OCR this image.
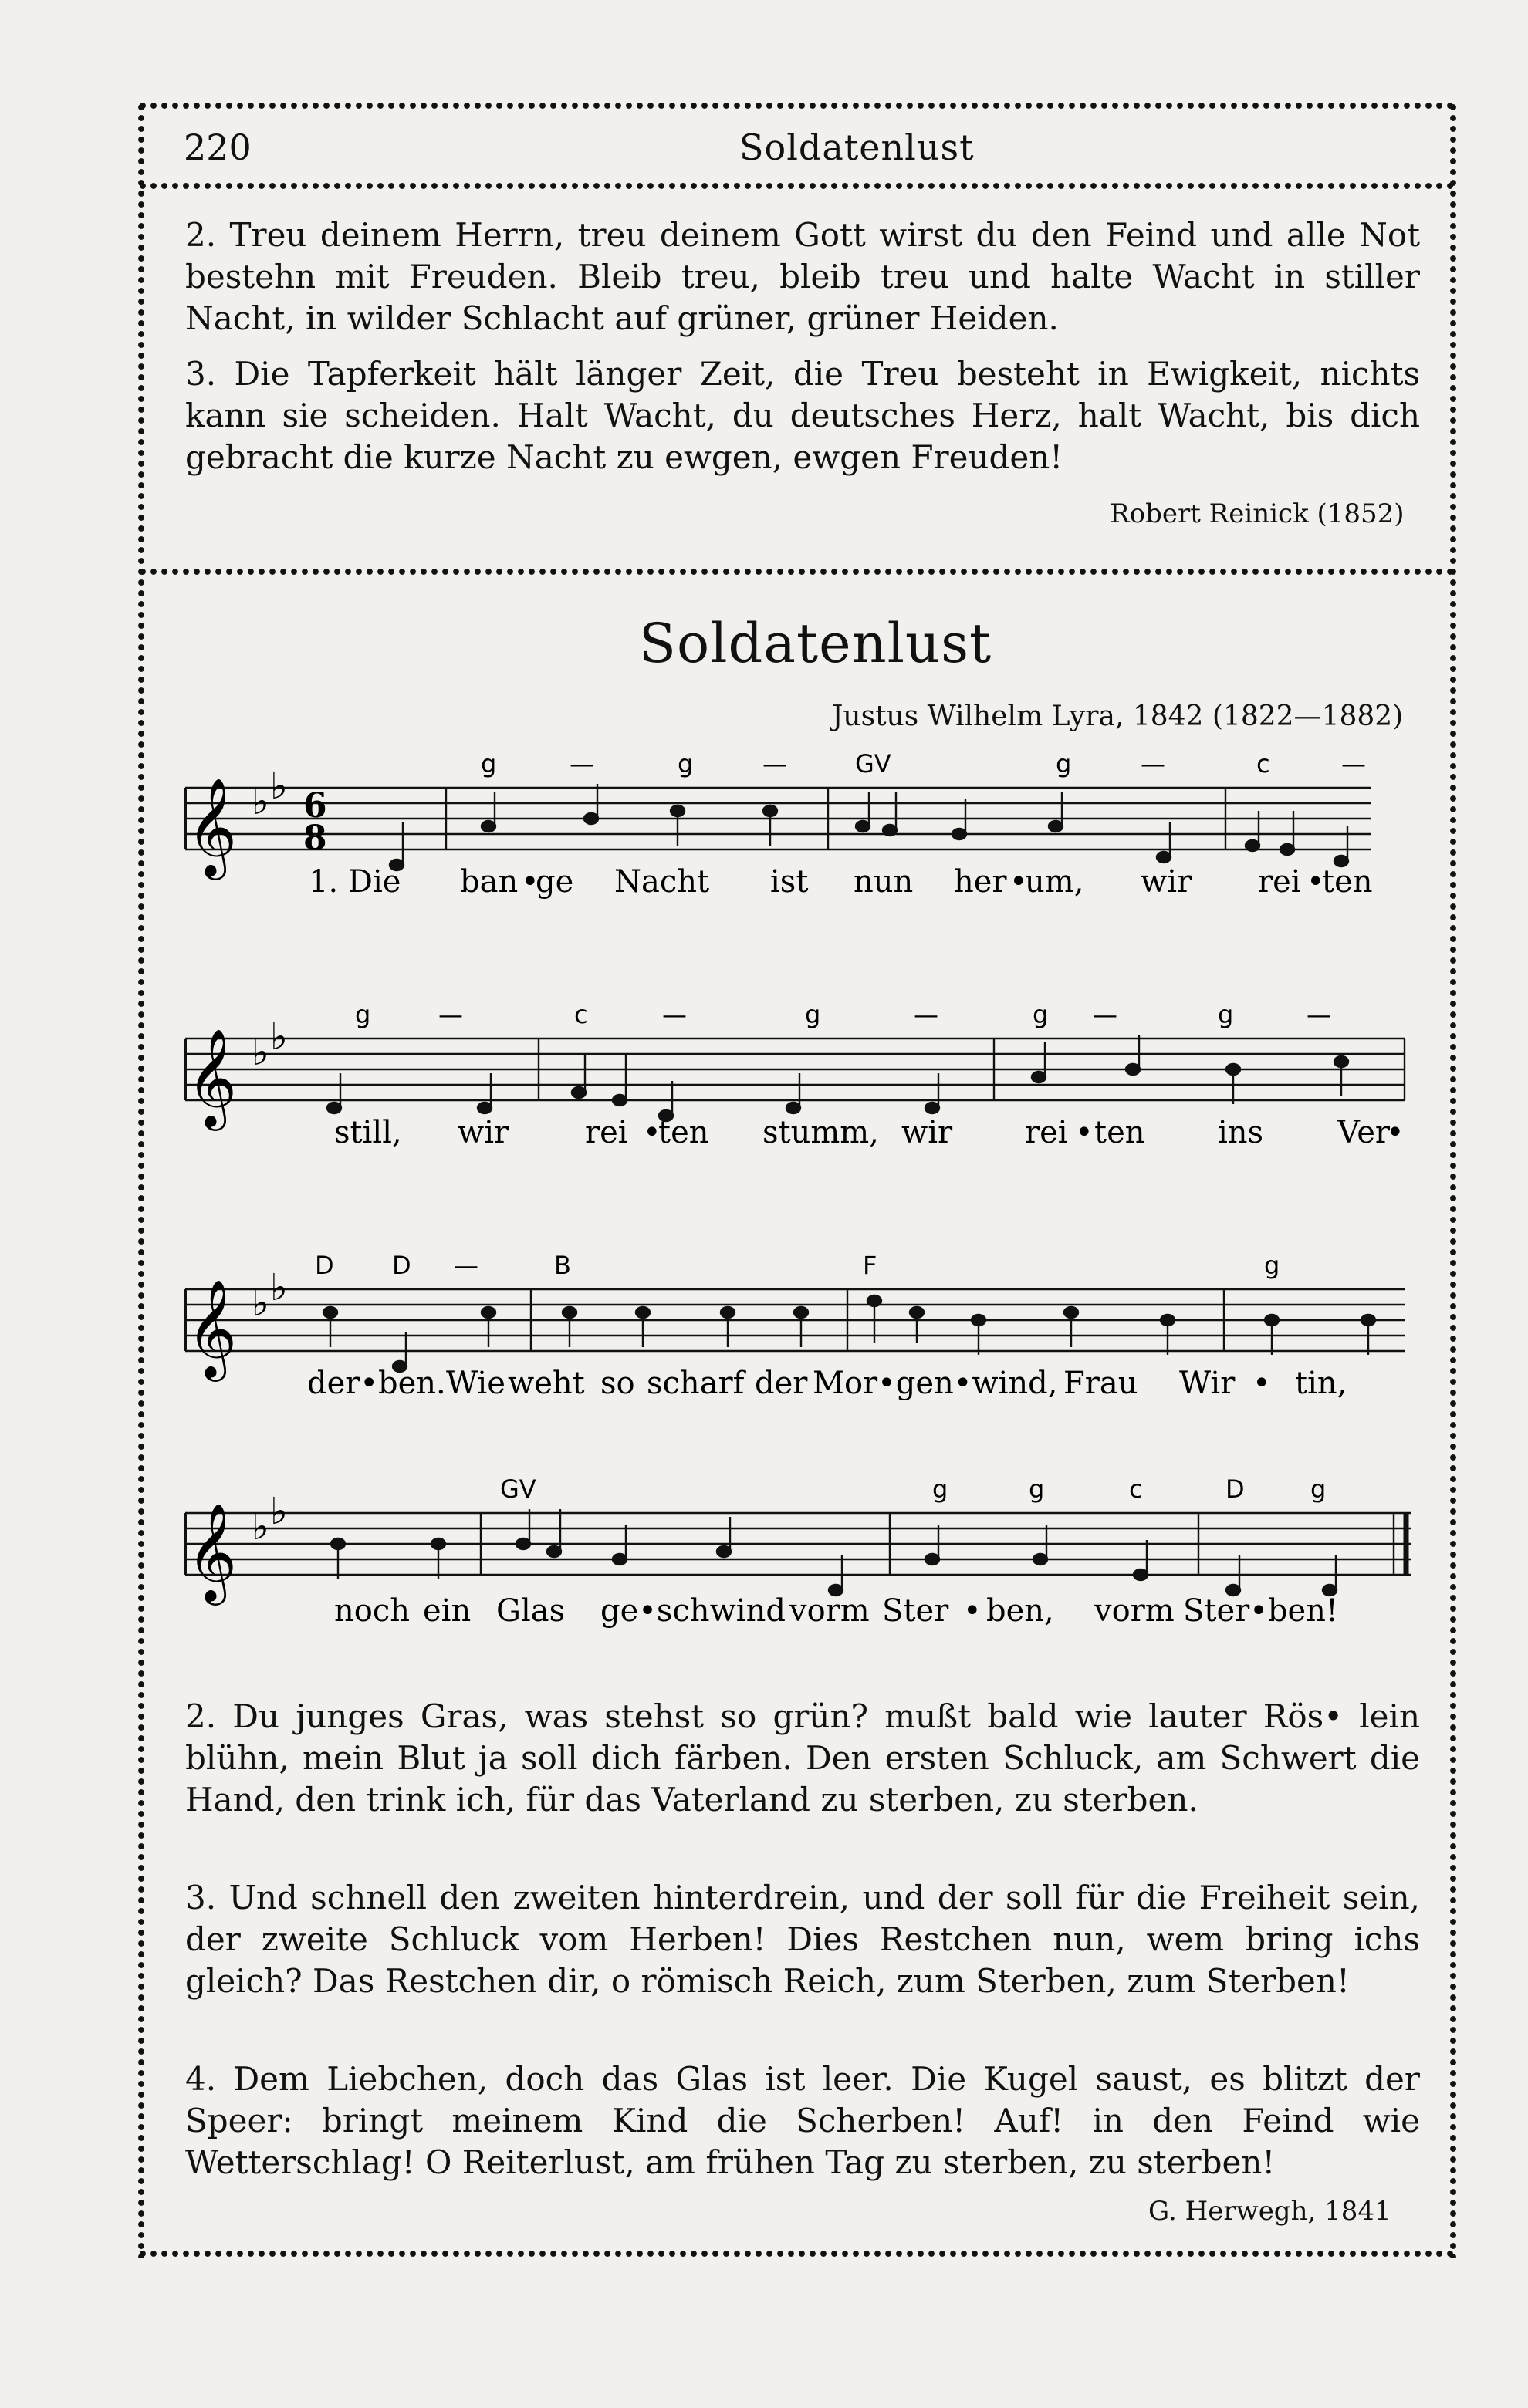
220	Soldatenlust
2. Treu deinem Herrn, treu deinem Gott wirst du den Feind und alle Not bestehn mit Freuden. Bleib treu, bleib treu und halte Wacht in stiller Nacht, in wilder Schlacht auf grüner, grüner Heiden.
3. Die Tapferkeit hält länger Zeit, die Treu besteht in Ewigkeit, nichts kann sie scheiden. Halt Wacht, du deutsches Herz, halt Wacht, bis dich gebracht die kurze Nacht zu ewgen, ewgen Freuden!
Robert Reinick (1852)
Soldatenlust
Justus Wilhelm Lyra, 1842 (1822—1882)
𝄞 ♭ ♭ 6
8
g	—	g	—	GV	g	—	c	—
1. Die ban •
ge Nacht ist nun her •
um, wir rei •
ten
𝄞 ♭ ♭
g	—	c	—	g	—	g —	g	—
still, wir rei •
ten stumm, wir rei • ten ins Ver
•
𝄞 ♭ ♭
D D —	B	F	g
der•ben. Wie weht so scharf der Mor•gen•wind, Frau Wir • tin,
𝄞 ♭ ♭
GV	g	g	c	D	g
noch ein Glas ge•schwind vorm Ster • ben, vorm Ster•ben!
2. Du junges Gras, was stehst so grün? mußt bald wie lauter Rös• lein blühn, mein Blut ja soll dich färben. Den ersten Schluck, am Schwert die Hand, den trink ich, für das Vaterland zu sterben, zu sterben.
3. Und schnell den zweiten hinterdrein, und der soll für die Freiheit sein, der zweite Schluck vom Herben! Dies Restchen nun, wem bring ichs gleich? Das Restchen dir, o römisch Reich, zum Sterben, zum Sterben!
4. Dem Liebchen, doch das Glas ist leer. Die Kugel saust, es blitzt der Speer: bringt meinem Kind die Scherben! Auf! in den Feind wie Wetterschlag! O Reiterlust, am frühen Tag zu sterben, zu sterben!
G. Herwegh, 1841
